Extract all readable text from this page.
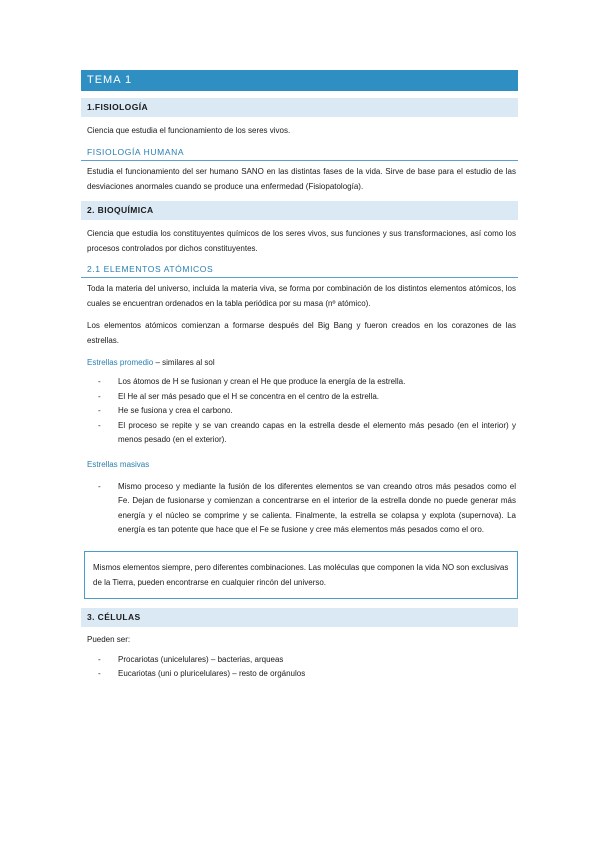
TEMA 1
1.FISIOLOGÍA
Ciencia que estudia el funcionamiento de los seres vivos.
FISIOLOGÍA HUMANA
Estudia el funcionamiento del ser humano SANO en las distintas fases de la vida. Sirve de base para el estudio de las desviaciones anormales cuando se produce una enfermedad (Fisiopatología).
2. BIOQUÍMICA
Ciencia que estudia los constituyentes químicos de los seres vivos, sus funciones y sus transformaciones, así como los procesos controlados por dichos constituyentes.
2.1 ELEMENTOS ATÓMICOS
Toda la materia del universo, incluida la materia viva, se forma por combinación de los distintos elementos atómicos, los cuales se encuentran ordenados en la tabla periódica por su masa (nº atómico).
Los elementos atómicos comienzan a formarse después del Big Bang y fueron creados en los corazones de las estrellas.
Estrellas promedio – similares al sol
- Los átomos de H se fusionan y crean el He que produce la energía de la estrella.
- El He al ser más pesado que el H se concentra en el centro de la estrella.
- He se fusiona y crea el carbono.
- El proceso se repite y se van creando capas en la estrella desde el elemento más pesado (en el interior) y menos pesado (en el exterior).
Estrellas masivas
- Mismo proceso y mediante la fusión de los diferentes elementos se van creando otros más pesados como el Fe. Dejan de fusionarse y comienzan a concentrarse en el interior de la estrella donde no puede generar más energía y el núcleo se comprime y se calienta. Finalmente, la estrella se colapsa y explota (supernova). La energía es tan potente que hace que el Fe se fusione y cree más elementos más pesados como el oro.
Mismos elementos siempre, pero diferentes combinaciones. Las moléculas que componen la vida NO son exclusivas de la Tierra, pueden encontrarse en cualquier rincón del universo.
3. CÉLULAS
Pueden ser:
- Procariotas (unicelulares) – bacterias, arqueas
- Eucariotas (uni o pluricelulares) – resto de orgánulos
